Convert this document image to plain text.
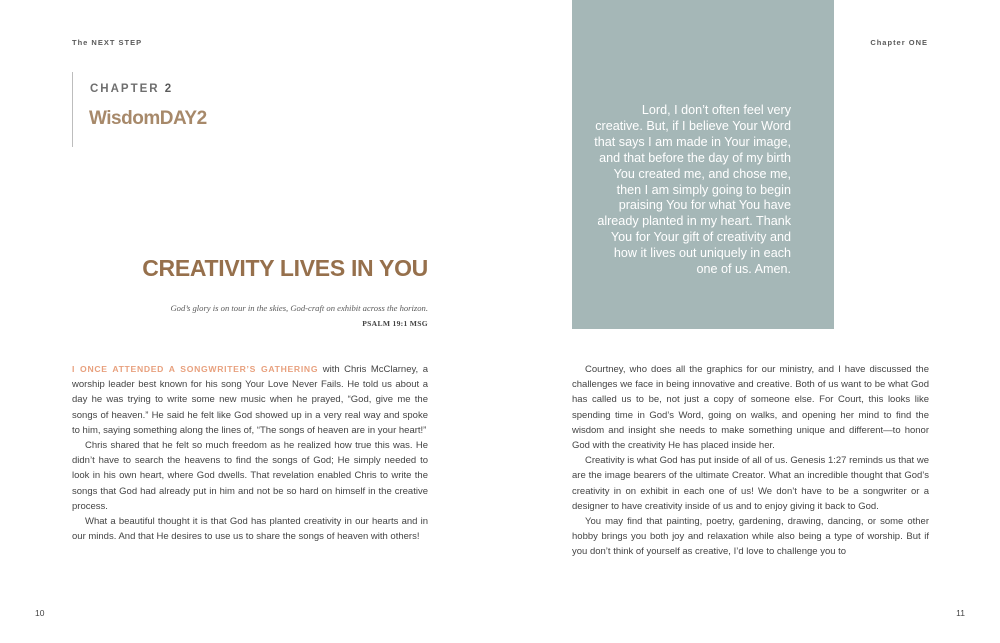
The NEXT STEP
CHAPTER 2
WisdomDAY2
CREATIVITY LIVES IN YOU
God’s glory is on tour in the skies, God-craft on exhibit across the horizon.
PSALM 19:1 MSG

I ONCE ATTENDED A SONGWRITER’S GATHERING with Chris McClarney, a worship leader best known for his song Your Love Never Fails. He told us about a day he was trying to write some new music when he prayed, “God, give me the songs of heaven.” He said he felt like God showed up in a very real way and spoke to him, saying something along the lines of, “The songs of heaven are in your heart!”

Chris shared that he felt so much freedom as he realized how true this was. He didn’t have to search the heavens to find the songs of God; He simply needed to look in his own heart, where God dwells. That revelation enabled Chris to write the songs that God had already put in him and not be so hard on himself in the creative process.

What a beautiful thought it is that God has planted creativity in our hearts and in our minds. And that He desires to use us to share the songs of heaven with others!

10
Lord, I don’t often feel very creative. But, if I believe Your Word that says I am made in Your image, and that before the day of my birth You created me, and chose me, then I am simply going to begin praising You for what You have already planted in my heart. Thank You for Your gift of creativity and how it lives out uniquely in each one of us. Amen.
Chapter ONE

Courtney, who does all the graphics for our ministry, and I have discussed the challenges we face in being innovative and creative. Both of us want to be what God has called us to be, not just a copy of someone else. For Court, this looks like spending time in God’s Word, going on walks, and opening her mind to find the wisdom and insight she needs to make something unique and different—to honor God with the creativity He has placed inside her.

Creativity is what God has put inside of all of us. Genesis 1:27 reminds us that we are the image bearers of the ultimate Creator. What an incredible thought that God’s creativity in on exhibit in each one of us! We don’t have to be a songwriter or a designer to have creativity inside of us and to enjoy giving it back to God.

You may find that painting, poetry, gardening, drawing, dancing, or some other hobby brings you both joy and relaxation while also being a type of worship. But if you don’t think of yourself as creative, I’d love to challenge you to

11
